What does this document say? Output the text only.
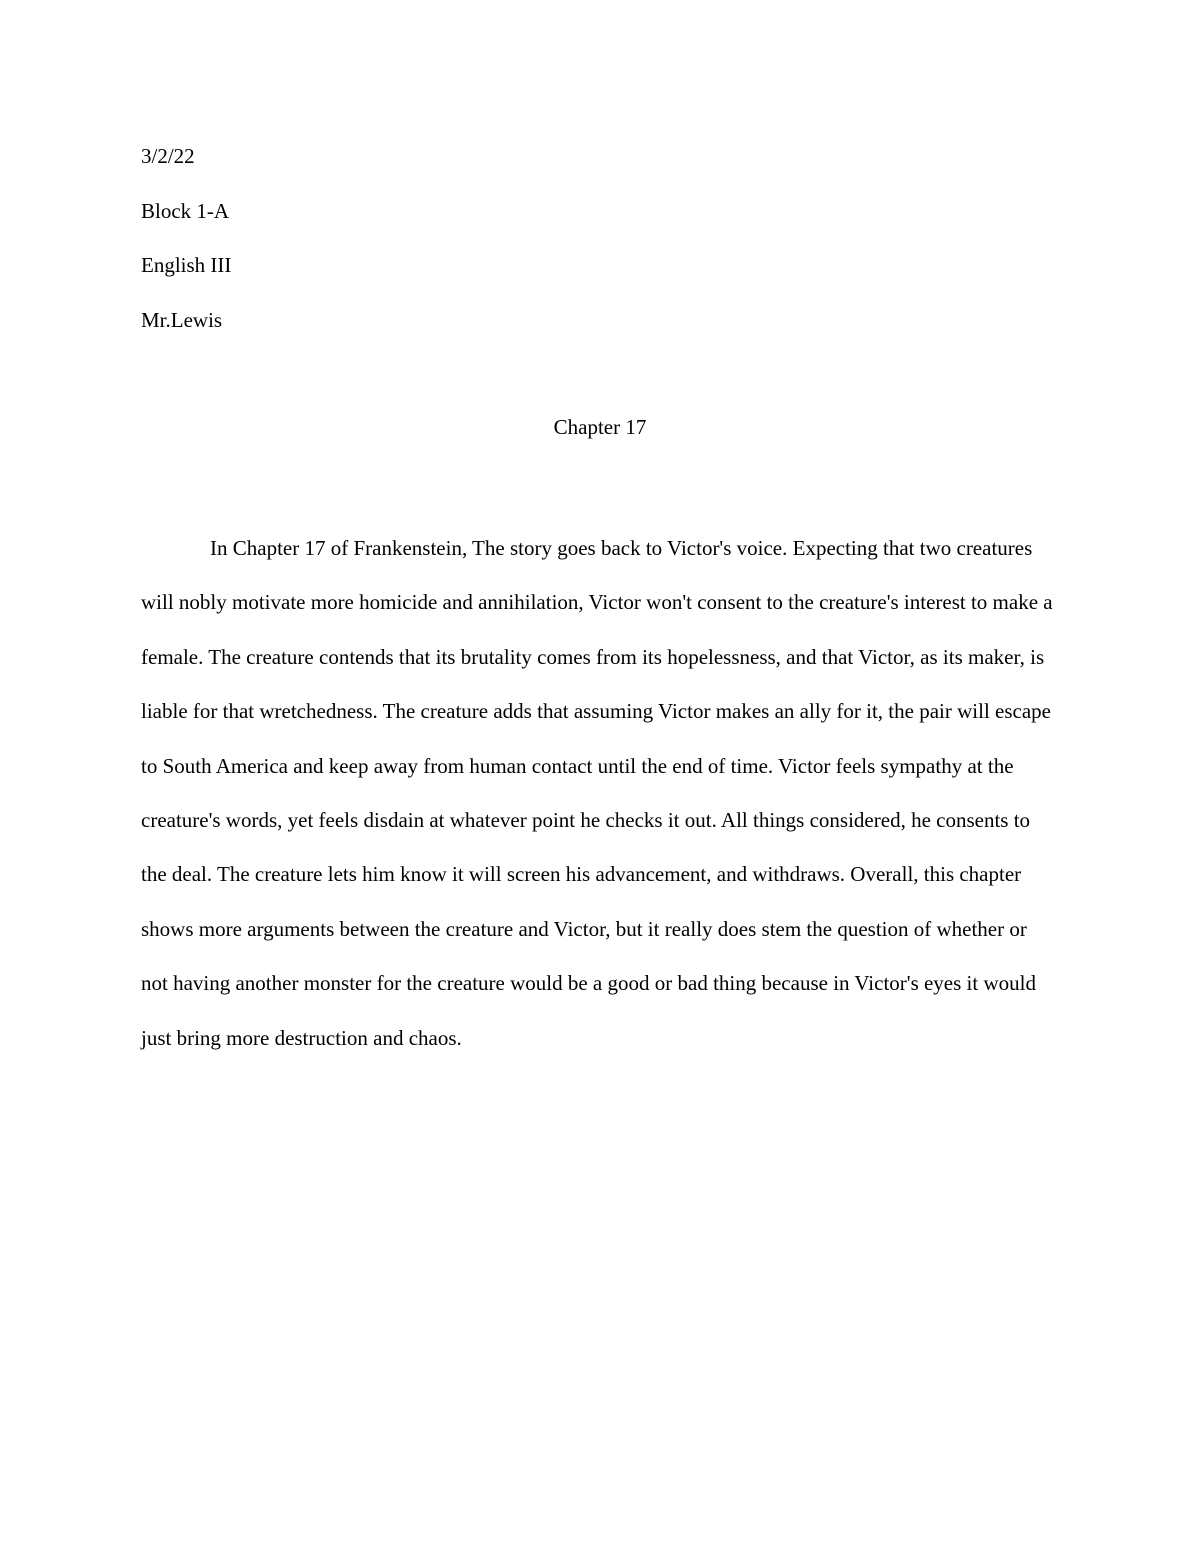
3/2/22
Block 1-A
English III
Mr.Lewis
Chapter 17

In Chapter 17 of Frankenstein, The story goes back to Victor's voice. Expecting that two creatures will nobly motivate more homicide and annihilation, Victor won't consent to the creature's interest to make a female. The creature contends that its brutality comes from its hopelessness, and that Victor, as its maker, is liable for that wretchedness. The creature adds that assuming Victor makes an ally for it, the pair will escape to South America and keep away from human contact until the end of time. Victor feels sympathy at the creature's words, yet feels disdain at whatever point he checks it out. All things considered, he consents to the deal. The creature lets him know it will screen his advancement, and withdraws. Overall, this chapter shows more arguments between the creature and Victor, but it really does stem the question of whether or not having another monster for the creature would be a good or bad thing because in Victor's eyes it would just bring more destruction and chaos.
